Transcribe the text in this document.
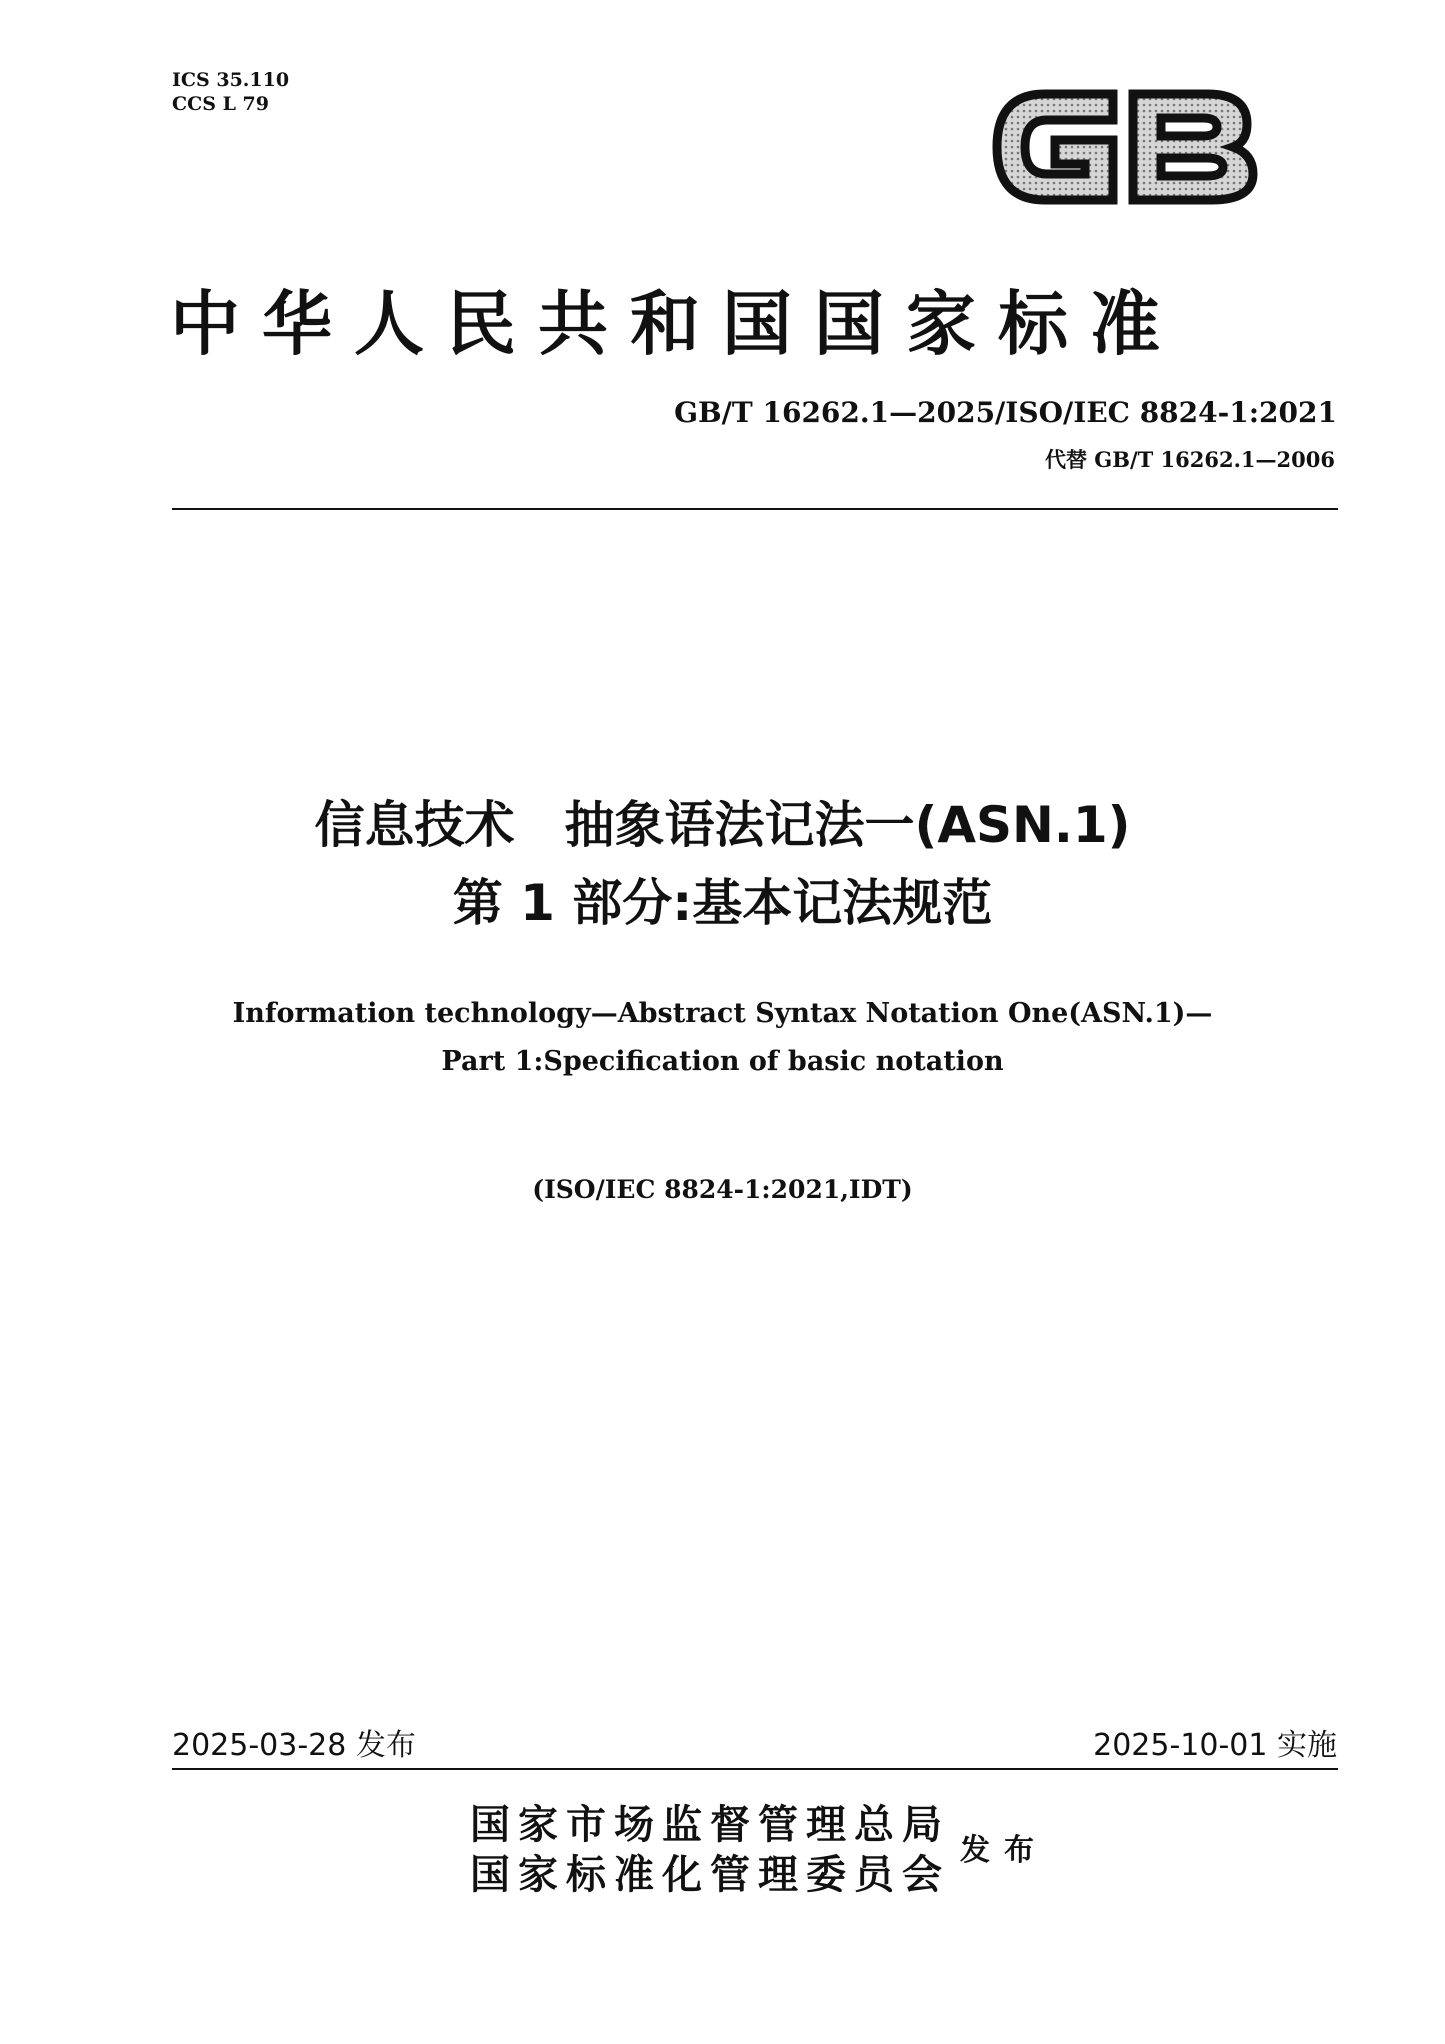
ICS 35.110
CCS L 79
中华人民共和国国家标准
GB/T 16262.1—2025/ISO/IEC 8824-1:2021
代替 GB/T 16262.1—2006
信息技术　抽象语法记法一(ASN.1)
第 1 部分:基本记法规范
Information technology—Abstract Syntax Notation One(ASN.1)—
Part 1:Specification of basic notation
(ISO/IEC 8824-1:2021,IDT)
2025-03-28 发布	2025-10-01 实施
国家市场监督管理总局
国家标准化管理委员会
发布
